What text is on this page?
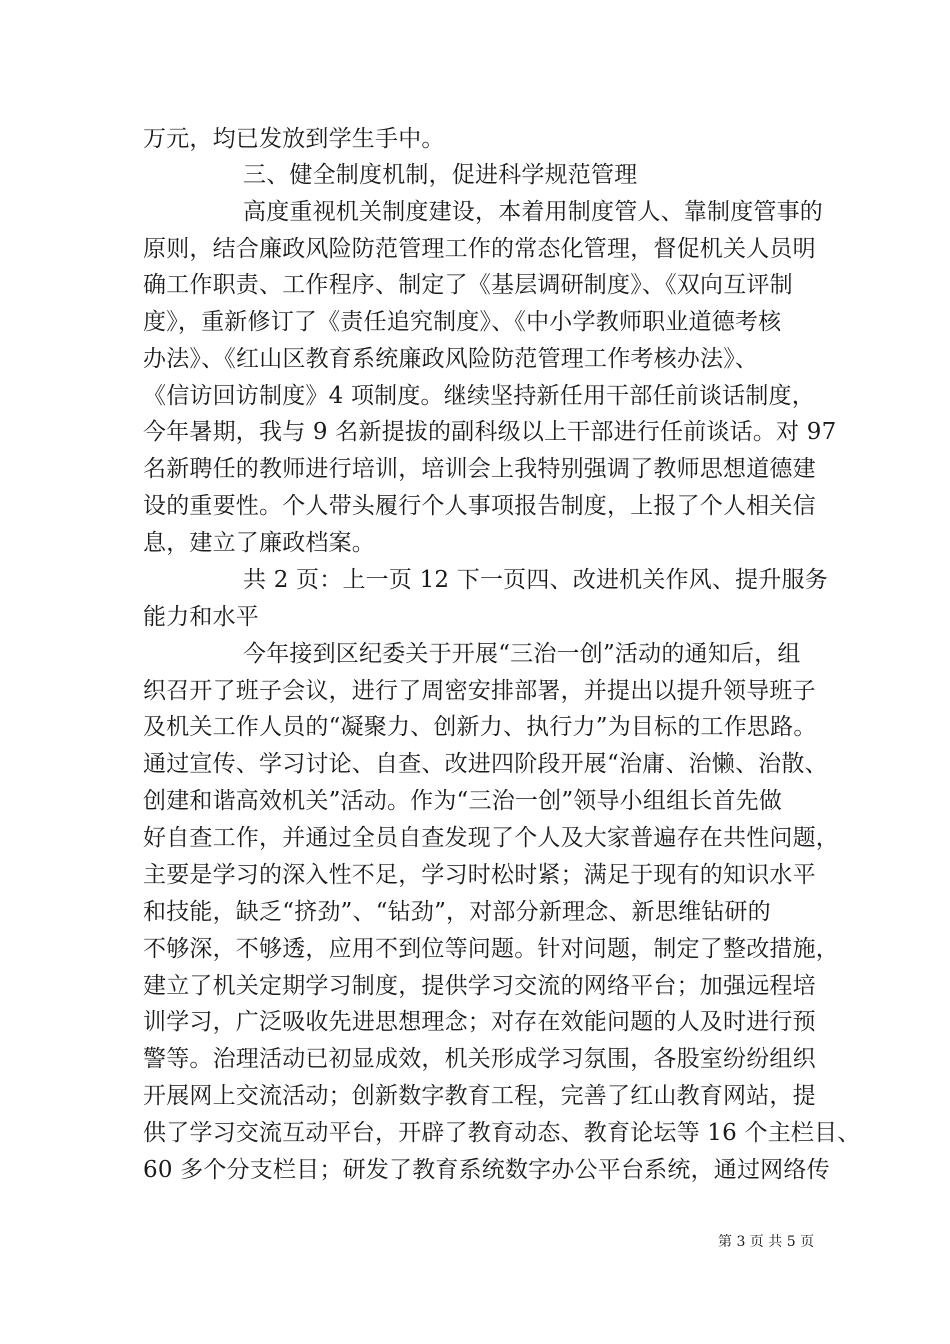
万元，均已发放到学生手中。
三、健全制度机制，促进科学规范管理
高度重视机关制度建设，本着用制度管人、靠制度管事的
原则，结合廉政风险防范管理工作的常态化管理，督促机关人员明
确工作职责、工作程序、制定了《基层调研制度》、《双向互评制
度》，重新修订了《责任追究制度》、《中小学教师职业道德考核
办法》、《红山区教育系统廉政风险防范管理工作考核办法》、
《信访回访制度》4 项制度。继续坚持新任用干部任前谈话制度，
今年暑期，我与 9 名新提拔的副科级以上干部进行任前谈话。对 97
名新聘任的教师进行培训，培训会上我特别强调了教师思想道德建
设的重要性。个人带头履行个人事项报告制度，上报了个人相关信
息，建立了廉政档案。
共 2 页：上一页 12 下一页四、改进机关作风、提升服务
能力和水平
今年接到区纪委关于开展“三治一创”活动的通知后，组
织召开了班子会议，进行了周密安排部署，并提出以提升领导班子
及机关工作人员的“凝聚力、创新力、执行力”为目标的工作思路。
通过宣传、学习讨论、自查、改进四阶段开展“治庸、治懒、治散、
创建和谐高效机关”活动。作为“三治一创”领导小组组长首先做
好自查工作，并通过全员自查发现了个人及大家普遍存在共性问题，
主要是学习的深入性不足，学习时松时紧；满足于现有的知识水平
和技能，缺乏“挤劲”、“钻劲”，对部分新理念、新思维钻研的
不够深，不够透，应用不到位等问题。针对问题，制定了整改措施，
建立了机关定期学习制度，提供学习交流的网络平台；加强远程培
训学习，广泛吸收先进思想理念；对存在效能问题的人及时进行预
警等。治理活动已初显成效，机关形成学习氛围，各股室纷纷组织
开展网上交流活动；创新数字教育工程，完善了红山教育网站，提
供了学习交流互动平台，开辟了教育动态、教育论坛等 16 个主栏目、
60 多个分支栏目；研发了教育系统数字办公平台系统，通过网络传
第 3 页 共 5 页
